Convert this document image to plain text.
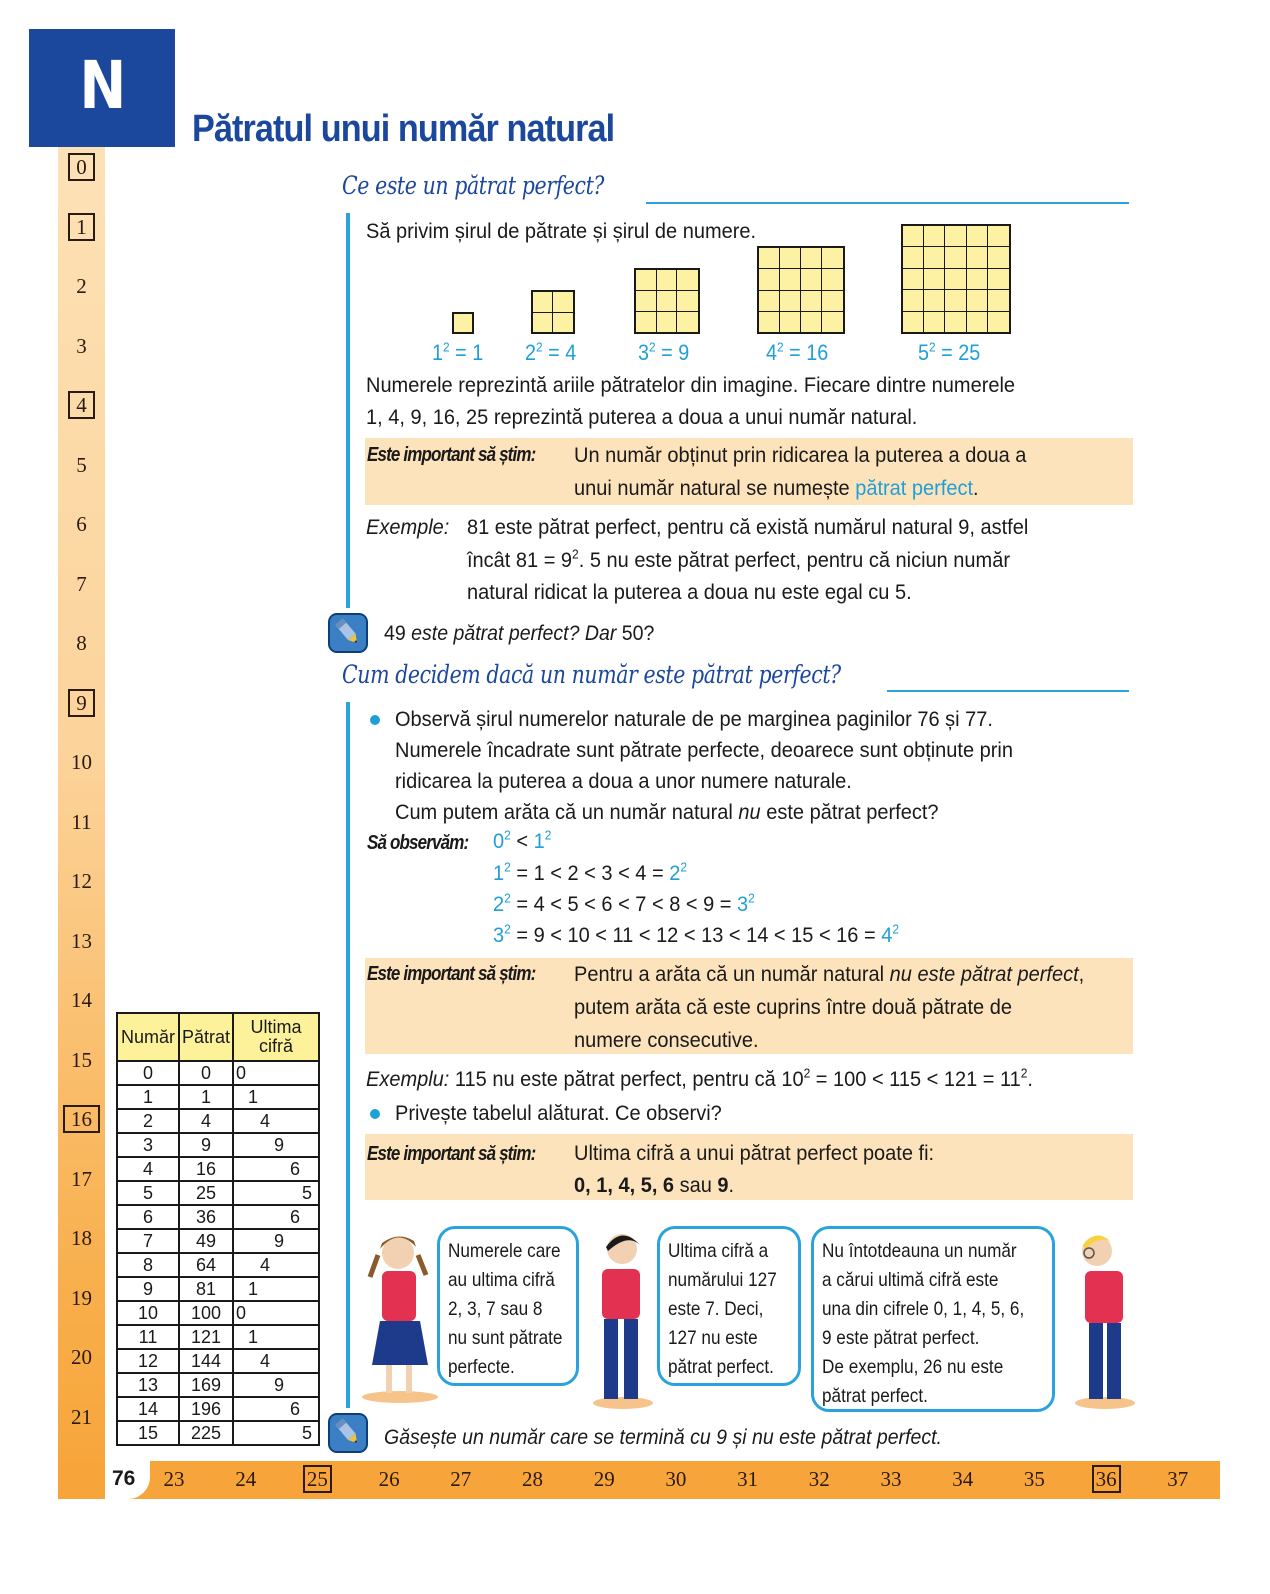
N
Pătratul unui număr natural
0
1
2
3
4
5
6
7
8
9
10
11
12
13
14
15
16
17
18
19
20
21
76	23	24	25	26	27	28	29	30	31	32	33	34	35	36	37
Ce este un pătrat perfect?
Să privim șirul de pătrate și șirul de numere.
$1^2 = 1$ $2^2 = 4$	$3^2 = 9$	$4^2 = 16$	$5^2 = 25$
Numerele reprezintă ariile pătratelor din imagine. Fiecare dintre numerele
1, 4, 9, 16, 25 reprezintă puterea a doua a unui număr natural.
Este important să știm: Un număr obținut prin ridicarea la puterea a doua a
unui număr natural se numește pătrat perfect.
Exemple: 81 este pătrat perfect, pentru că există numărul natural 9, astfel
încât $81 = 9^2$. 5 nu este pătrat perfect, pentru că niciun număr
natural ridicat la puterea a doua nu este egal cu 5.
49 este pătrat perfect? Dar 50?
Cum decidem dacă un număr este pătrat perfect?
Observă șirul numerelor naturale de pe marginea paginilor 76 și 77.
Numerele încadrate sunt pătrate perfecte, deoarece sunt obținute prin
ridicarea la puterea a doua a unor numere naturale.
Cum putem arăta că un număr natural nu este pătrat perfect?
Să observăm: $0^2 < 1^2$
$1^2 = 1 < 2 < 3 < 4 = 2^2$
$2^2 = 4 < 5 < 6 < 7 < 8 < 9 = 3^2$
$3^2 = 9 < 10 < 11 < 12 < 13 < 14 < 15 < 16 = 4^2$
Este important să știm: Pentru a arăta că un număr natural nu este pătrat perfect,
putem arăta că este cuprins între două pătrate de
numere consecutive.
Exemplu: 115 nu este pătrat perfect, pentru că $10^2 = 100 < 115 < 121 = 11^2$.
Privește tabelul alăturat. Ce observi?
Este important să știm: Ultima cifră a unui pătrat perfect poate fi:
0, 1, 4, 5, 6 sau 9.

Numerele care

au ultima cifră

2, 3, 7 sau 8

nu sunt pătrate

perfecte.

Ultima cifră a

numărului 127

este 7. Deci,

127 nu este

pătrat perfect.

Nu întotdeauna un număr

a cărui ultimă cifră este

una din cifrele 0, 1, 4, 5, 6,

9 este pătrat perfect.

De exemplu, 26 nu este

pătrat perfect.

Găsește un număr care se termină cu 9 și nu este pătrat perfect.
Număr	Pătrat	Ultima cifră
0	0	0

1	1	1

2	4	4

3	9	9

4	16	6

5	25	5

6	36	6

7	49	9

8	64	4

9	81	1

10	100	0

11	121	1

12	144	4

13	169	9

14	196	6

15	225	5
